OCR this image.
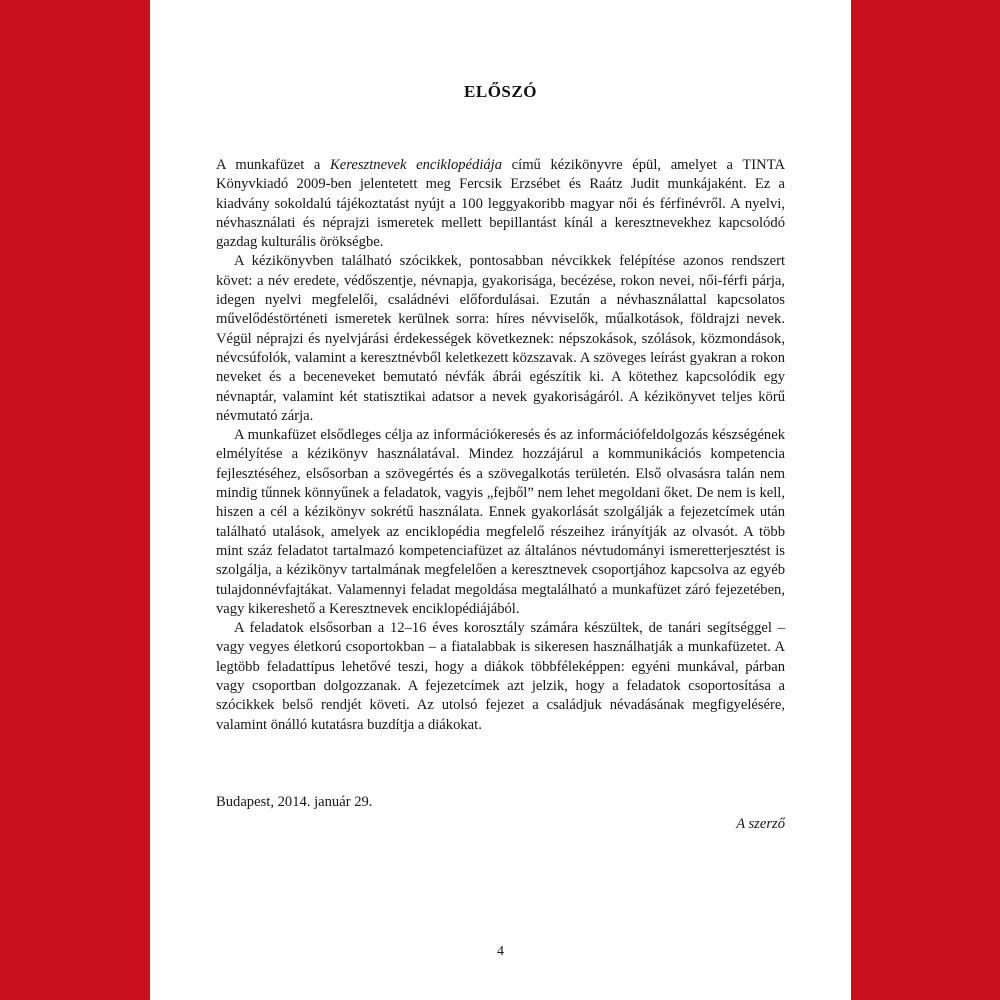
ELŐSZÓ

A munkafüzet a Keresztnevek enciklopédiája című kézikönyvre épül, amelyet a TINTA Könyvkiadó 2009-ben jelentetett meg Fercsik Erzsébet és Raátz Judit munkájaként. Ez a kiadvány sokoldalú tájékoztatást nyújt a 100 leggyakoribb magyar női és férfinévről. A nyelvi, névhasználati és néprajzi ismeretek mellett bepillantást kínál a keresztnevekhez kapcsolódó gazdag kulturális örökségbe.

A kézikönyvben található szócikkek, pontosabban névcikkek felépítése azonos rendszert követ: a név eredete, védőszentje, névnapja, gyakorisága, becézése, rokon nevei, női-férfi párja, idegen nyelvi megfelelői, családnévi előfordulásai. Ezután a névhasználattal kapcsolatos művelődéstörténeti ismeretek kerülnek sorra: híres névviselők, műalkotások, földrajzi nevek. Végül néprajzi és nyelvjárási érdekességek következnek: népszokások, szólások, közmondások, névcsúfolók, valamint a keresztnévből keletkezett közszavak. A szöveges leírást gyakran a rokon neveket és a beceneveket bemutató névfák ábrái egészítik ki. A kötethez kapcsolódik egy névnaptár, valamint két statisztikai adatsor a nevek gyakoriságáról. A kézikönyvet teljes körű névmutató zárja.

A munkafüzet elsődleges célja az információkeresés és az információfeldolgozás készségének elmélyítése a kézikönyv használatával. Mindez hozzájárul a kommunikációs kompetencia fejlesztéséhez, elsősorban a szövegértés és a szövegalkotás területén. Első olvasásra talán nem mindig tűnnek könnyűnek a feladatok, vagyis „fejből” nem lehet megoldani őket. De nem is kell, hiszen a cél a kézikönyv sokrétű használata. Ennek gyakorlását szolgálják a fejezetcímek után található utalások, amelyek az enciklopédia megfelelő részeihez irányítják az olvasót. A több mint száz feladatot tartalmazó kompetenciafüzet az általános névtudományi ismeretterjesztést is szolgálja, a kézikönyv tartalmának megfelelően a keresztnevek csoportjához kapcsolva az egyéb tulajdonnévfajtákat. Valamennyi feladat megoldása megtalálható a munkafüzet záró fejezetében, vagy kikereshető a Keresztnevek enciklopédiájából.

A feladatok elsősorban a 12–16 éves korosztály számára készültek, de tanári segítséggel – vagy vegyes életkorú csoportokban – a fiatalabbak is sikeresen használhatják a munkafüzetet. A legtöbb feladattípus lehetővé teszi, hogy a diákok többféleképpen: egyéni munkával, párban vagy csoportban dolgozzanak. A fejezetcímek azt jelzik, hogy a feladatok csoportosítása a szócikkek belső rendjét követi. Az utolsó fejezet a családjuk névadásának megfigyelésére, valamint önálló kutatásra buzdítja a diákokat.

Budapest, 2014. január 29.

A szerző

4
